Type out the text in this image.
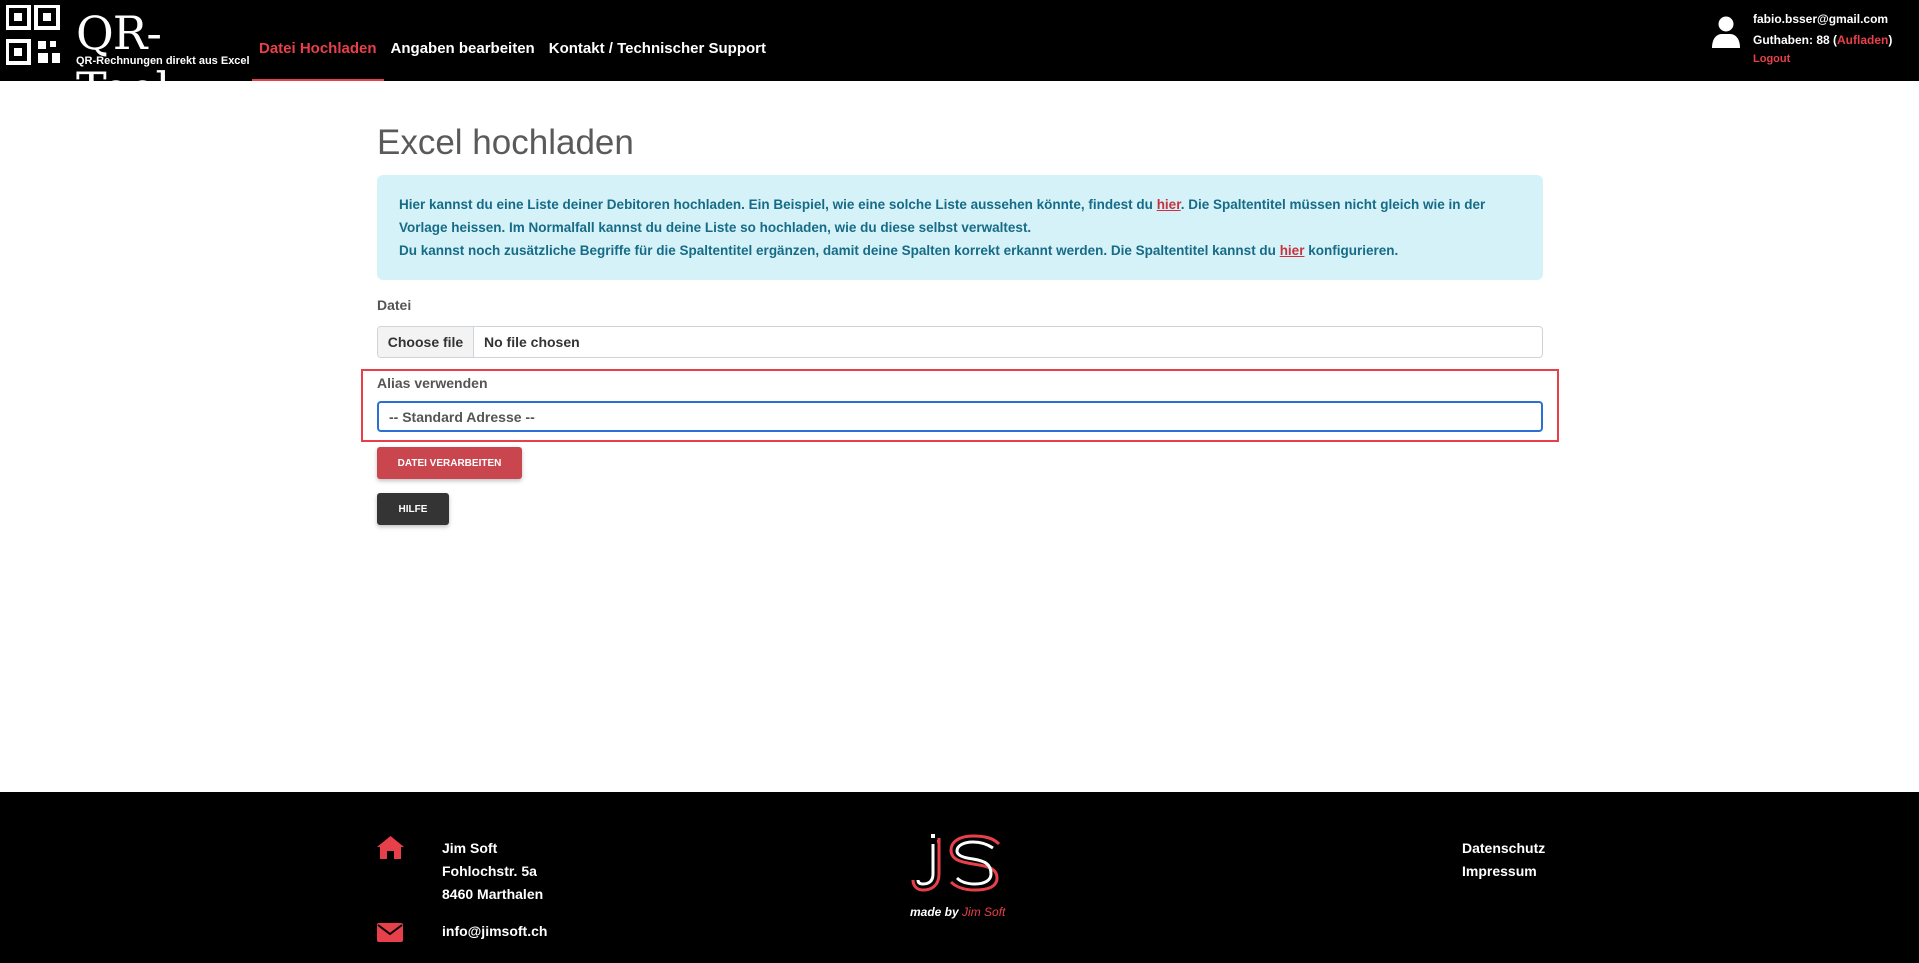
QR-Tool
QR-Rechnungen direkt aus Excel
Datei Hochladen Angaben bearbeiten Kontakt / Technischer Support
fabio.bsser@gmail.com
Guthaben: 88 (Aufladen)
Logout
Excel hochladen
Hier kannst du eine Liste deiner Debitoren hochladen. Ein Beispiel, wie eine solche Liste aussehen könnte, findest du hier. Die Spaltentitel müssen nicht gleich wie in der Vorlage heissen. Im Normalfall kannst du deine Liste so hochladen, wie du diese selbst verwaltest.
Du kannst noch zusätzliche Begriffe für die Spaltentitel ergänzen, damit deine Spalten korrekt erkannt werden. Die Spaltentitel kannst du hier konfigurieren.
Datei
Choose file	No file chosen
Alias verwenden
-- Standard Adresse --
DATEI VERARBEITEN
HILFE
Jim Soft
Fohlochstr. 5a
8460 Marthalen
info@jimsoft.ch
made by Jim Soft
Datenschutz
Impressum
